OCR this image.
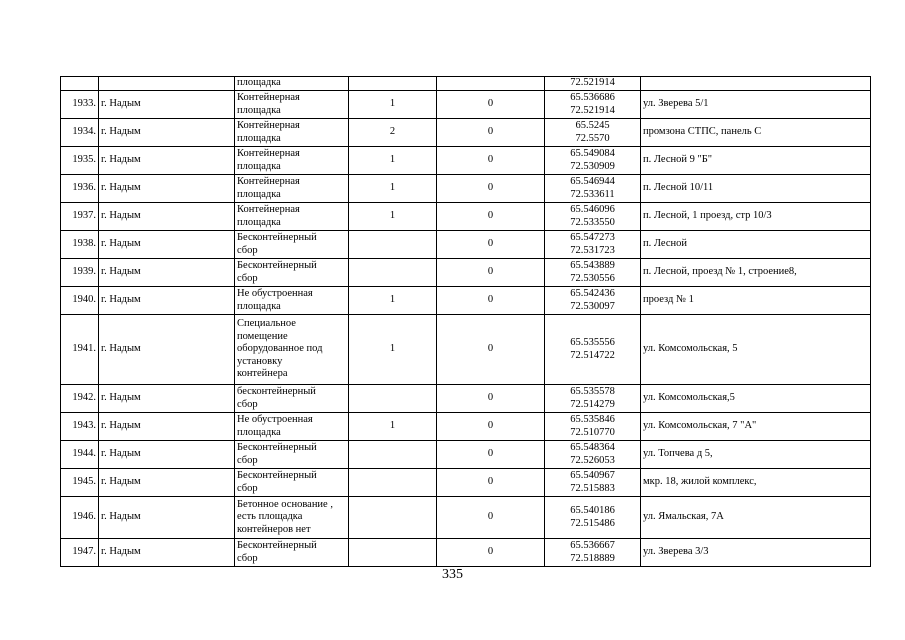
		площадка			72.521914	

1933.	г. Надым	Контейнерная
площадка	1	0	65.536686
72.521914	ул. Зверева 5/1
1934.	г. Надым	Контейнерная
площадка	2	0	65.5245
72.5570	промзона СТПС, панель С
1935.	г. Надым	Контейнерная
площадка	1	0	65.549084
72.530909	п. Лесной 9 "Б"
1936.	г. Надым	Контейнерная
площадка	1	0	65.546944
72.533611	п. Лесной 10/11
1937.	г. Надым	Контейнерная
площадка	1	0	65.546096
72.533550	п. Лесной, 1 проезд, стр 10/3
1938.	г. Надым	Бесконтейнерный
сбор		0	65.547273
72.531723	п. Лесной
1939.	г. Надым	Бесконтейнерный
сбор		0	65.543889
72.530556	п. Лесной, проезд № 1, строение8,
1940.	г. Надым	Не обустроенная
площадка	1	0	65.542436
72.530097	проезд № 1
1941.	г. Надым	Специальное
помещение
оборудованное под
установку
контейнера	1	0	65.535556
72.514722	ул. Комсомольская, 5
1942.	г. Надым	бесконтейнерный
сбор		0	65.535578
72.514279	ул. Комсомольская,5
1943.	г. Надым	Не обустроенная
площадка	1	0	65.535846
72.510770	ул. Комсомольская, 7 "А"
1944.	г. Надым	Бесконтейнерный
сбор		0	65.548364
72.526053	ул. Топчева д 5,
1945.	г. Надым	Бесконтейнерный
сбор		0	65.540967
72.515883	мкр. 18, жилой комплекс,
1946.	г. Надым	Бетонное основание ,
есть площадка
контейнеров нет		0	65.540186
72.515486	ул. Ямальская, 7А
1947.	г. Надым	Бесконтейнерный
сбор		0	65.536667
72.518889	ул. Зверева 3/3
335
